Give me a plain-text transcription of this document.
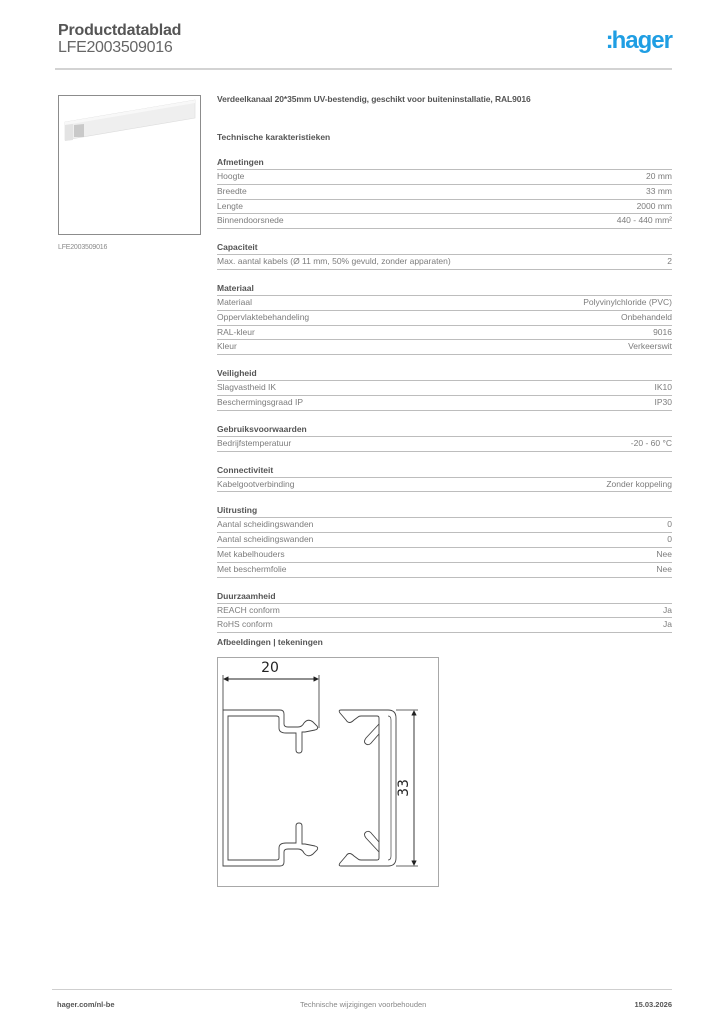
Productdatablad
LFE2003509016	:hager
LFE2003509016
Verdeelkanaal 20*35mm UV-bestendig, geschikt voor buiteninstallatie, RAL9016
Technische karakteristieken
Afmetingen
Hoogte	20 mm
Breedte	33 mm
Lengte	2000 mm
Binnendoorsnede	440 - 440 mm²
Capaciteit
Max. aantal kabels (Ø 11 mm, 50% gevuld, zonder apparaten)	2
Materiaal
Materiaal	Polyvinylchloride (PVC)
Oppervlaktebehandeling	Onbehandeld
RAL-kleur	9016
Kleur	Verkeerswit
Veiligheid
Slagvastheid IK	IK10
Beschermingsgraad IP	IP30
Gebruiksvoorwaarden
Bedrijfstemperatuur	-20 - 60 °C
Connectiviteit
Kabelgootverbinding	Zonder koppeling
Uitrusting
Aantal scheidingswanden	0
Aantal scheidingswanden	0
Met kabelhouders	Nee
Met beschermfolie	Nee
Duurzaamheid
REACH conform	Ja
RoHS conform	Ja
Afbeeldingen | tekeningen
20
33
hager.com/nl-be	Technische wijzigingen voorbehouden	15.03.2026
